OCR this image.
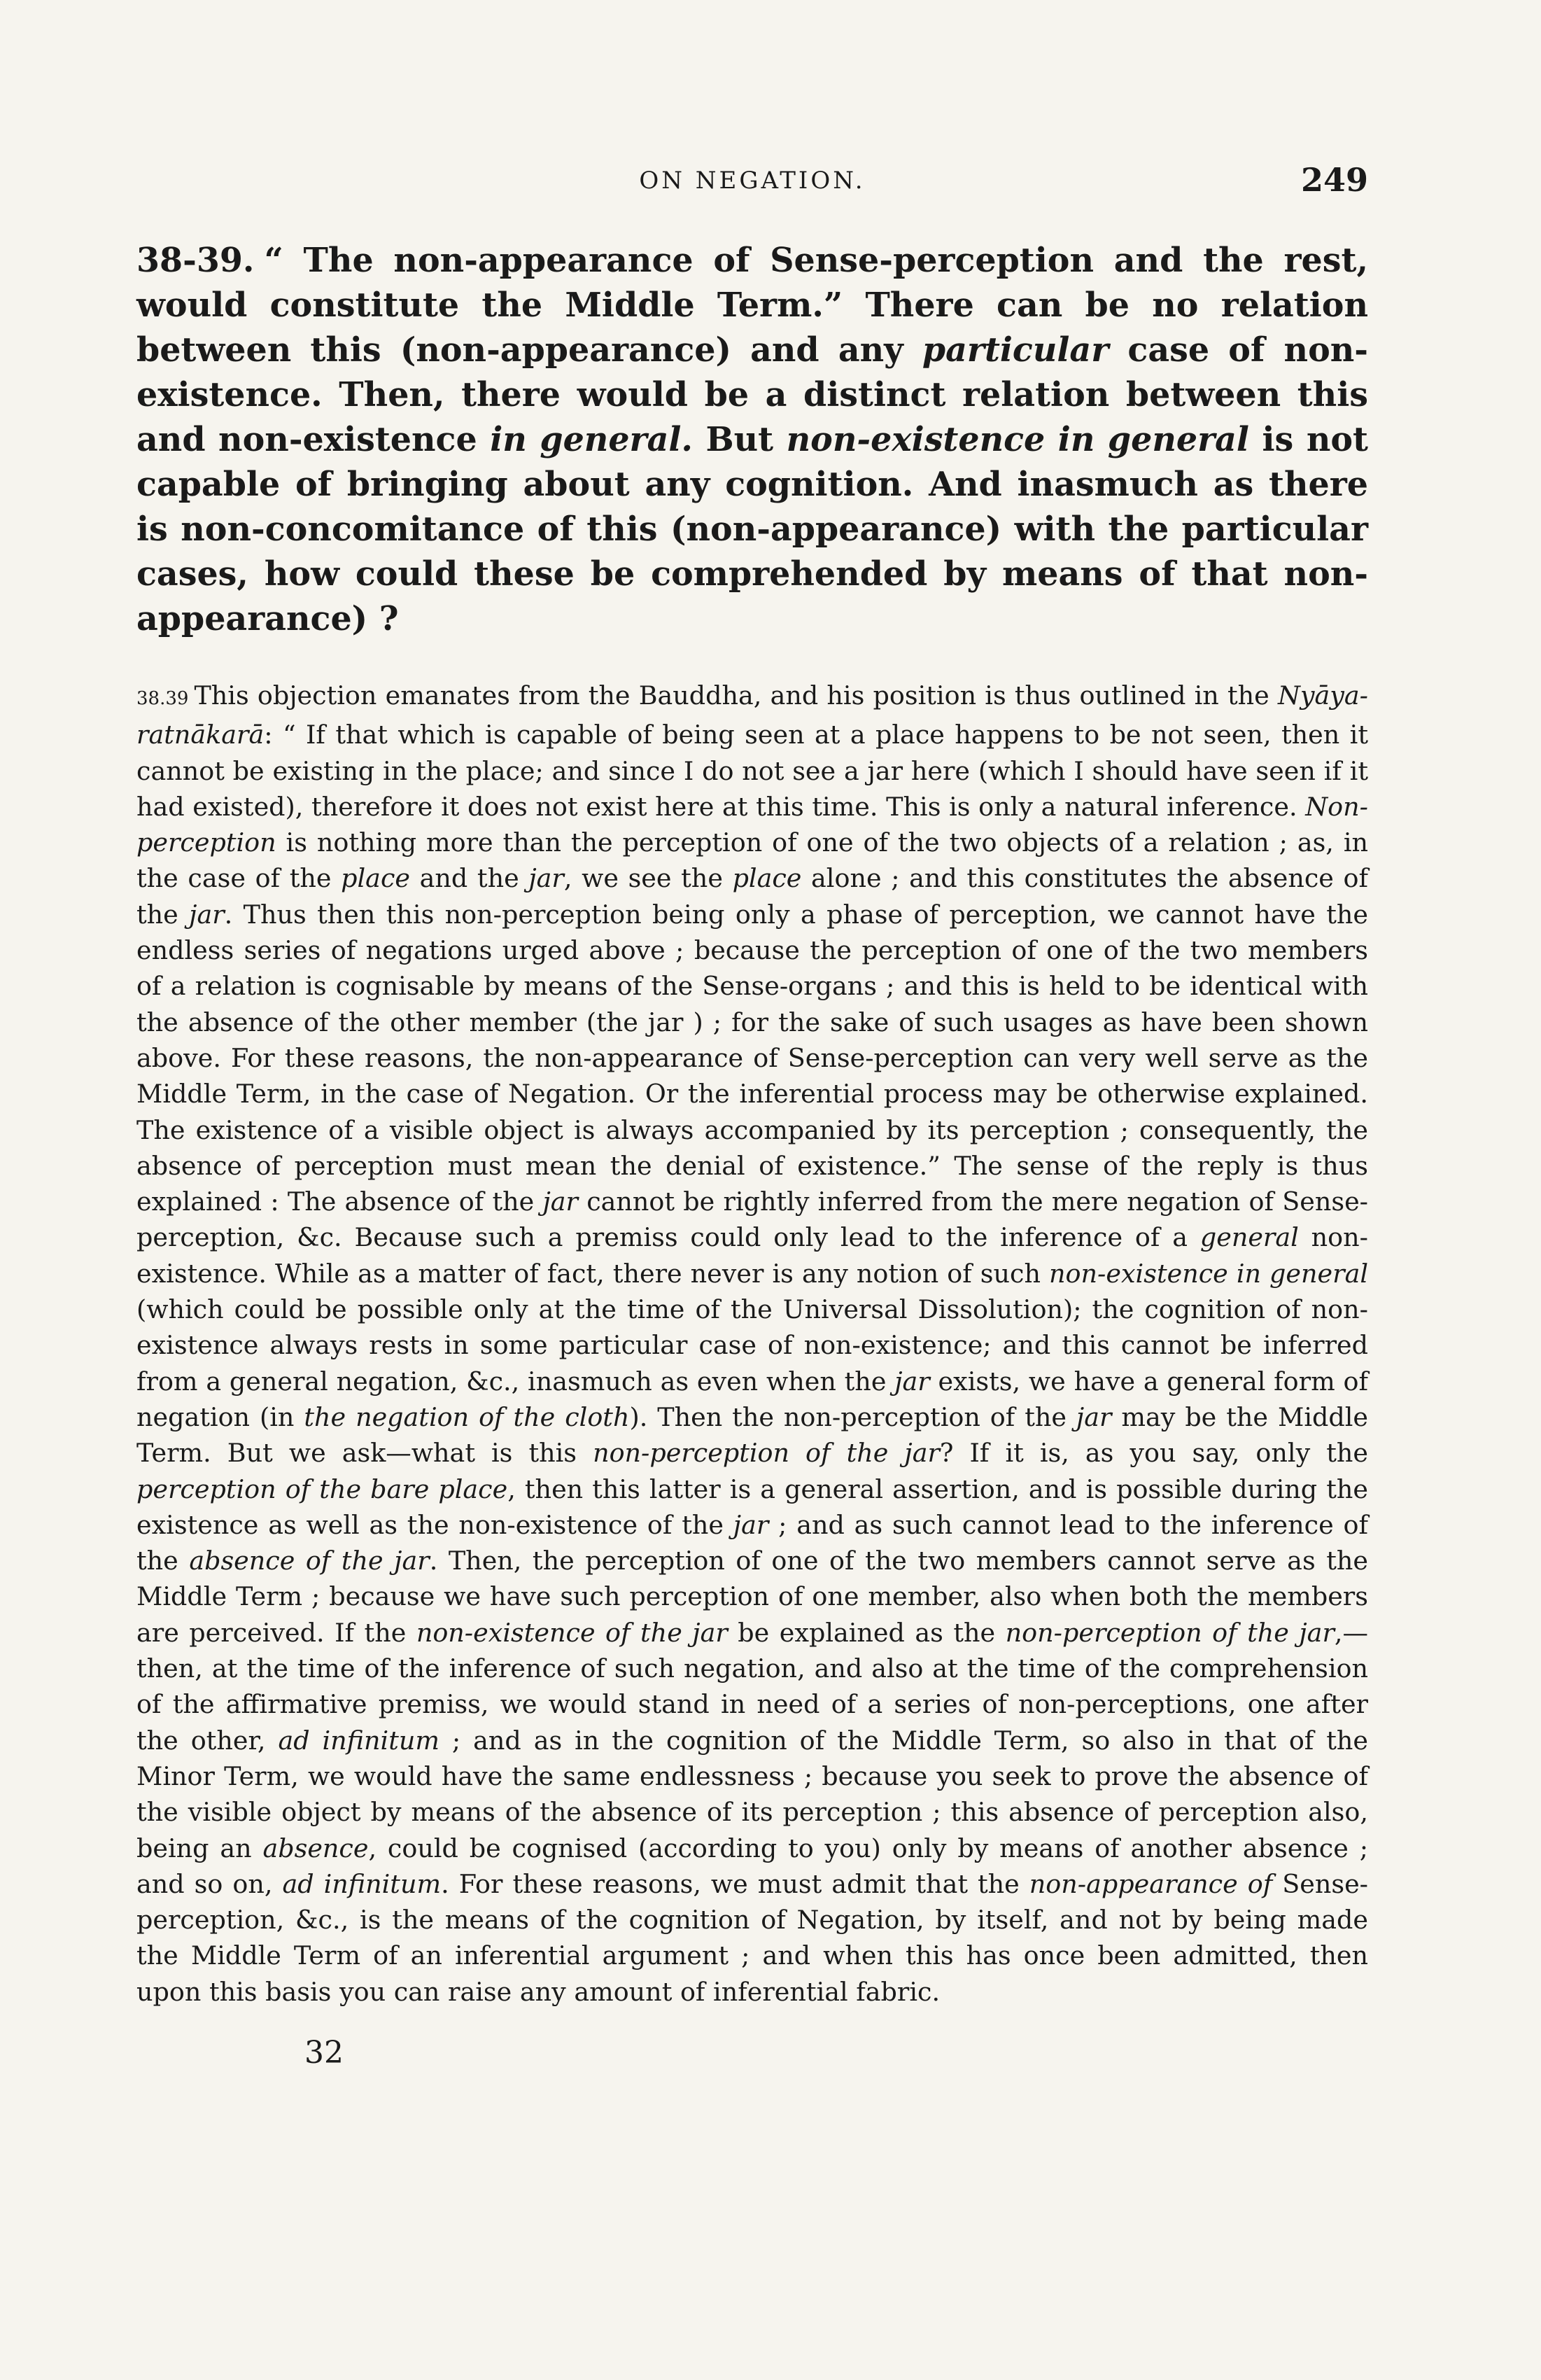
ON NEGATION.	249

38-39. “ The non-appearance of Sense-perception and the rest, would constitute the Middle Term.” There can be no relation between this (non-appearance) and any particular case of non-existence. Then, there would be a distinct relation between this and non-existence in general. But non-existence in general is not capable of bringing about any cognition. And inasmuch as there is non-concomitance of this (non-appearance) with the particular cases, how could these be comprehended by means of that non-appearance) ?

38.39 This objection emanates from the Bauddha, and his position is thus outlined in the Nyāya-ratnākarā: “ If that which is capable of being seen at a place happens to be not seen, then it cannot be existing in the place; and since I do not see a jar here (which I should have seen if it had existed), therefore it does not exist here at this time. This is only a natural inference. Non-perception is nothing more than the perception of one of the two objects of a relation ; as, in the case of the place and the jar, we see the place alone ; and this constitutes the absence of the jar. Thus then this non-perception being only a phase of perception, we cannot have the endless series of negations urged above ; because the perception of one of the two members of a relation is cognisable by means of the Sense-organs ; and this is held to be identical with the absence of the other member (the jar ) ; for the sake of such usages as have been shown above. For these reasons, the non-appearance of Sense-perception can very well serve as the Middle Term, in the case of Negation. Or the inferential process may be otherwise explained. The existence of a visible object is always accompanied by its perception ; consequently, the absence of perception must mean the denial of existence.” The sense of the reply is thus explained : The absence of the jar cannot be rightly inferred from the mere negation of Sense-perception, &c. Because such a premiss could only lead to the inference of a general non-existence. While as a matter of fact, there never is any notion of such non-existence in general (which could be possible only at the time of the Universal Dissolution); the cognition of non-existence always rests in some particular case of non-existence; and this cannot be inferred from a general negation, &c., inasmuch as even when the jar exists, we have a general form of negation (in the negation of the cloth). Then the non-perception of the jar may be the Middle Term. But we ask—what is this non-perception of the jar? If it is, as you say, only the perception of the bare place, then this latter is a general assertion, and is possible during the existence as well as the non-existence of the jar ; and as such cannot lead to the inference of the absence of the jar. Then, the perception of one of the two members cannot serve as the Middle Term ; because we have such perception of one member, also when both the members are perceived. If the non-existence of the jar be explained as the non-perception of the jar,—then, at the time of the inference of such negation, and also at the time of the comprehension of the affirmative premiss, we would stand in need of a series of non-perceptions, one after the other, ad infinitum ; and as in the cognition of the Middle Term, so also in that of the Minor Term, we would have the same endlessness ; because you seek to prove the absence of the visible object by means of the absence of its perception ; this absence of perception also, being an absence, could be cognised (according to you) only by means of another absence ; and so on, ad infinitum. For these reasons, we must admit that the non-appearance of Sense-perception, &c., is the means of the cognition of Negation, by itself, and not by being made the Middle Term of an inferential argument ; and when this has once been admitted, then upon this basis you can raise any amount of inferential fabric.

32
